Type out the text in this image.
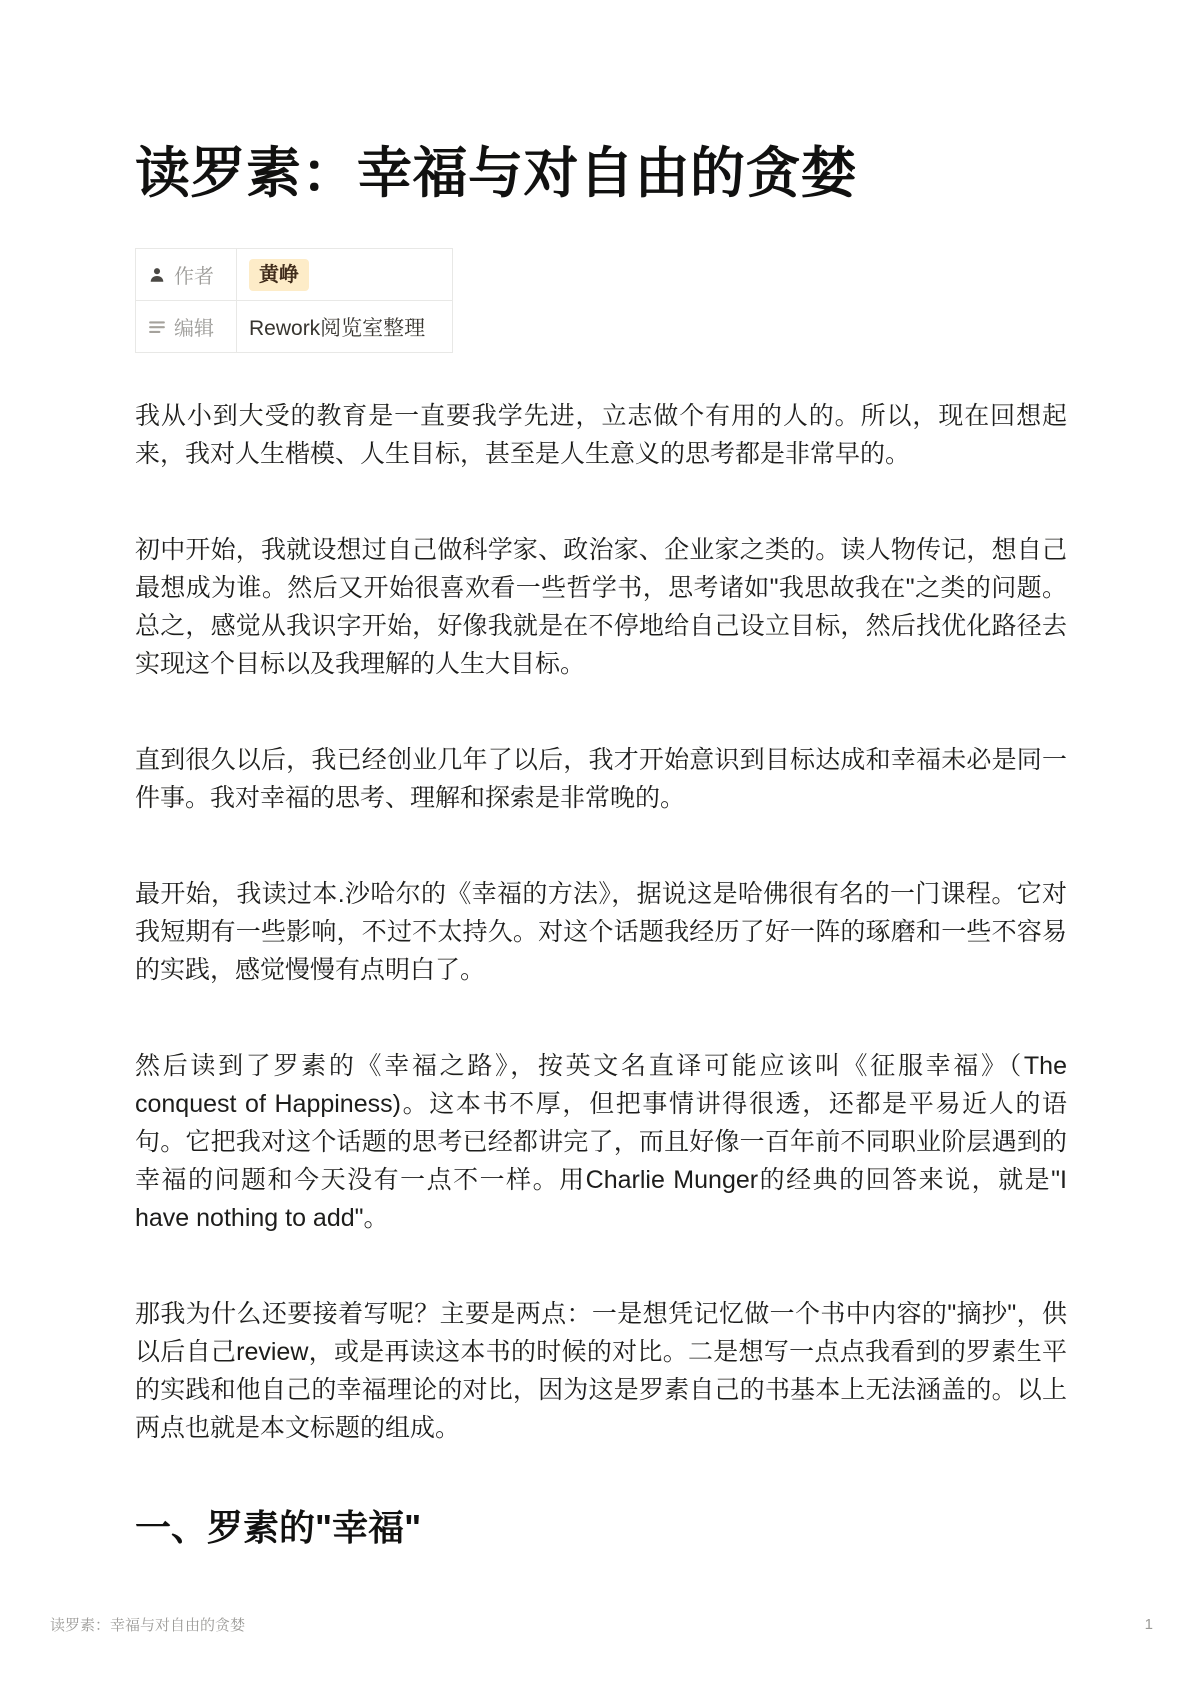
读罗素：幸福与对自由的贪婪
作者	黄峥

编辑	Rework阅览室整理

我从小到大受的教育是一直要我学先进，立志做个有用的人的。所以，现在回想起来，我对人生楷模、人生目标，甚至是人生意义的思考都是非常早的。

初中开始，我就设想过自己做科学家、政治家、企业家之类的。读人物传记，想自己最想成为谁。然后又开始很喜欢看一些哲学书，思考诸如"我思故我在"之类的问题。总之，感觉从我识字开始，好像我就是在不停地给自己设立目标，然后找优化路径去实现这个目标以及我理解的人生大目标。

直到很久以后，我已经创业几年了以后，我才开始意识到目标达成和幸福未必是同一件事。我对幸福的思考、理解和探索是非常晚的。

最开始，我读过本.沙哈尔的《幸福的方法》，据说这是哈佛很有名的一门课程。它对我短期有一些影响，不过不太持久。对这个话题我经历了好一阵的琢磨和一些不容易的实践，感觉慢慢有点明白了。

然后读到了罗素的《幸福之路》，按英文名直译可能应该叫《征服幸福》（The conquest of Happiness)。这本书不厚，但把事情讲得很透，还都是平易近人的语句。它把我对这个话题的思考已经都讲完了，而且好像一百年前不同职业阶层遇到的幸福的问题和今天没有一点不一样。用Charlie Munger的经典的回答来说，就是"I have nothing to add"。

那我为什么还要接着写呢？主要是两点：一是想凭记忆做一个书中内容的"摘抄"，供以后自己review，或是再读这本书的时候的对比。二是想写一点点我看到的罗素生平的实践和他自己的幸福理论的对比，因为这是罗素自己的书基本上无法涵盖的。以上两点也就是本文标题的组成。

一、罗素的"幸福"
读罗素：幸福与对自由的贪婪	1
